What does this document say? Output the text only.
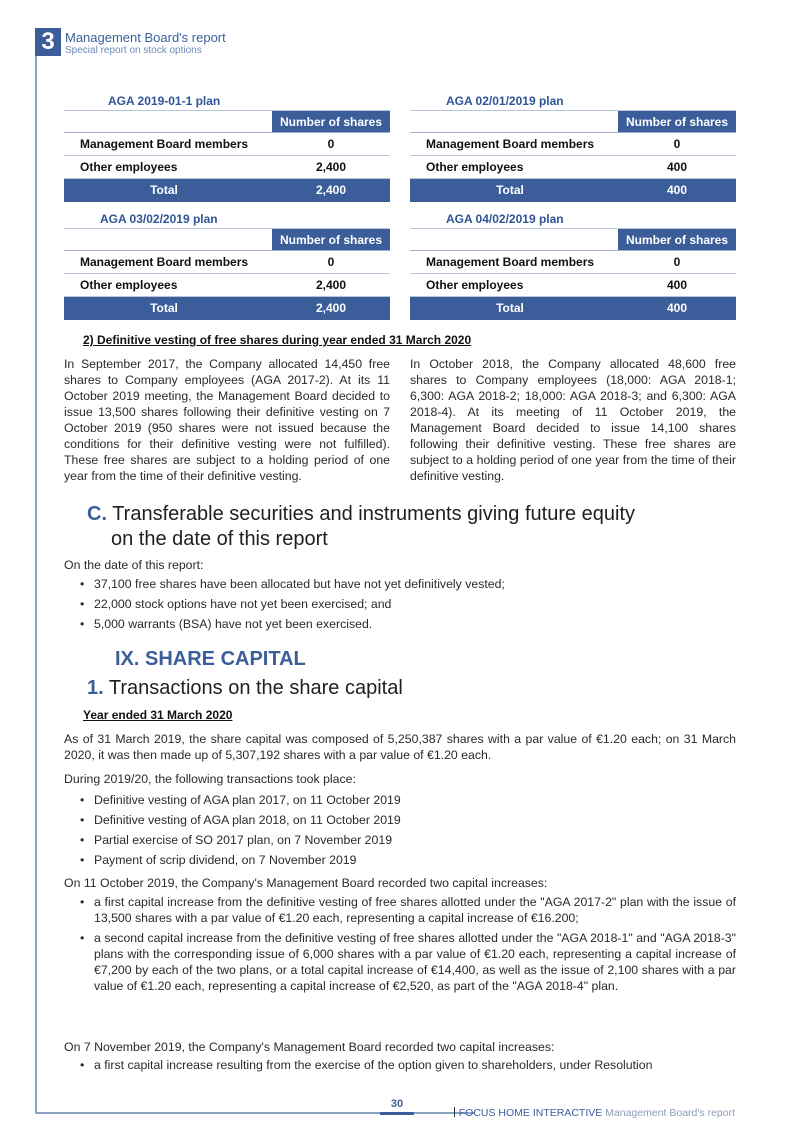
3 Management Board's report
Special report on stock options
AGA 2019-01-1 plan
Number of shares
Management Board members	0
Other employees	2,400
Total	2,400
AGA 02/01/2019 plan
Number of shares
Management Board members	0
Other employees	400
Total	400
AGA 03/02/2019 plan
Number of shares
Management Board members	0
Other employees	2,400
Total	2,400
AGA 04/02/2019 plan
Number of shares
Management Board members	0
Other employees	400
Total	400
2) Definitive vesting of free shares during year ended 31 March 2020
In September 2017, the Company allocated 14,450 free shares to Company employees (AGA 2017-2). At its 11 October 2019 meeting, the Management Board decided to issue 13,500 shares following their definitive vesting on 7 October 2019 (950 shares were not issued because the conditions for their definitive vesting were not fulfilled). These free shares are subject to a holding period of one year from the time of their definitive vesting.
In October 2018, the Company allocated 48,600 free shares to Company employees (18,000: AGA 2018-1; 6,300: AGA 2018-2; 18,000: AGA 2018-3; and 6,300: AGA 2018-4). At its meeting of 11 October 2019, the Management Board decided to issue 14,100 shares following their definitive vesting. These free shares are subject to a holding period of one year from the time of their definitive vesting.
C. Transferable securities and instruments giving future equity
on the date of this report
On the date of this report:
• 37,100 free shares have been allocated but have not yet definitively vested;
• 22,000 stock options have not yet been exercised; and
• 5,000 warrants (BSA) have not yet been exercised.
IX. SHARE CAPITAL
1. Transactions on the share capital
Year ended 31 March 2020
As of 31 March 2019, the share capital was composed of 5,250,387 shares with a par value of €1.20 each; on 31 March 2020, it was then made up of 5,307,192 shares with a par value of €1.20 each.
During 2019/20, the following transactions took place:
• Definitive vesting of AGA plan 2017, on 11 October 2019
• Definitive vesting of AGA plan 2018, on 11 October 2019
• Partial exercise of SO 2017 plan, on 7 November 2019
• Payment of scrip dividend, on 7 November 2019
On 11 October 2019, the Company's Management Board recorded two capital increases:
• a first capital increase from the definitive vesting of free shares allotted under the "AGA 2017-2" plan with the issue of 13,500 shares with a par value of €1.20 each, representing a capital increase of €16.200;
• a second capital increase from the definitive vesting of free shares allotted under the "AGA 2018-1" and "AGA 2018-3" plans with the corresponding issue of 6,000 shares with a par value of €1.20 each, representing a capital increase of €7,200 by each of the two plans, or a total capital increase of €14,400, as well as the issue of 2,100 shares with a par value of €1.20 each, representing a capital increase of €2,520, as part of the "AGA 2018-4" plan.
On 7 November 2019, the Company's Management Board recorded two capital increases:
• a first capital increase resulting from the exercise of the option given to shareholders, under Resolution
30
FOCUS HOME INTERACTIVE Management Board's report
